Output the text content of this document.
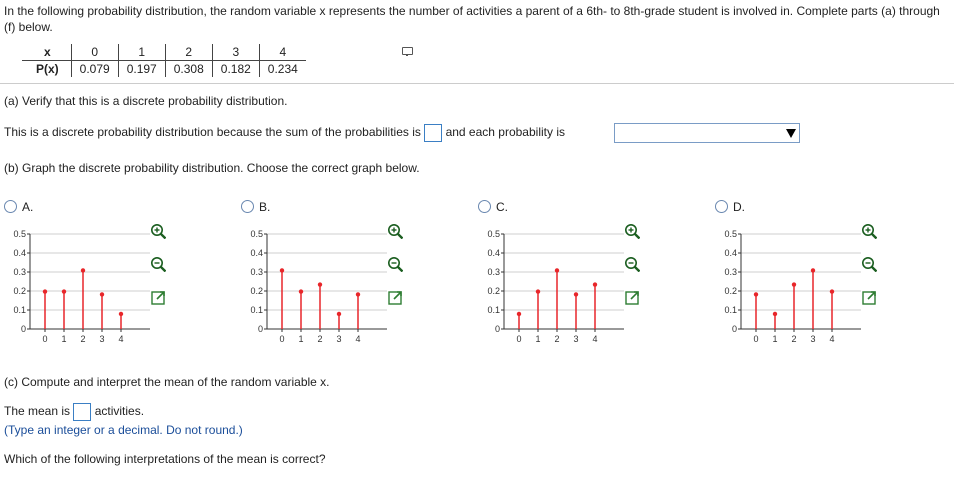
In the following probability distribution, the random variable x represents the number of activities a parent of a 6th- to 8th-grade student is involved in. Complete parts (a) through (f) below.
x	0	1	2	3	4
P(x)	0.079	0.197	0.308	0.182	0.234
(a) Verify that this is a discrete probability distribution.
This is a discrete probability distribution because the sum of the probabilities is and each probability is
(b) Graph the discrete probability distribution. Choose the correct graph below.
A.	B.	C.	D.
0
0.1
0.2
0.3
0.4
0.5
0 1 2 3 4
0
0.1
0.2
0.3
0.4
0.5
0 1 2 3 4
0
0.1
0.2
0.3
0.4
0.5
0 1 2 3 4
0
0.1
0.2
0.3
0.4
0.5
0 1 2 3 4
(c) Compute and interpret the mean of the random variable x.
The mean is activities.
(Type an integer or a decimal. Do not round.)
Which of the following interpretations of the mean is correct?
